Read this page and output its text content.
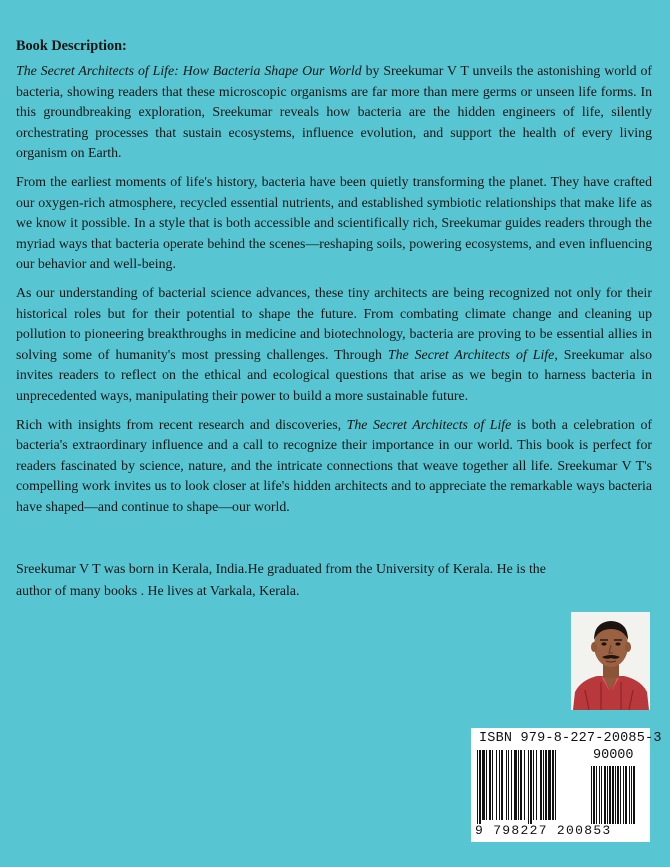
Book Description:

The Secret Architects of Life: How Bacteria Shape Our World by Sreekumar V T unveils the astonishing world of bacteria, showing readers that these microscopic organisms are far more than mere germs or unseen life forms. In this groundbreaking exploration, Sreekumar reveals how bacteria are the hidden engineers of life, silently orchestrating processes that sustain ecosystems, influence evolution, and support the health of every living organism on Earth.

From the earliest moments of life's history, bacteria have been quietly transforming the planet. They have crafted our oxygen-rich atmosphere, recycled essential nutrients, and established symbiotic relationships that make life as we know it possible. In a style that is both accessible and scientifically rich, Sreekumar guides readers through the myriad ways that bacteria operate behind the scenes—reshaping soils, powering ecosystems, and even influencing our behavior and well-being.

As our understanding of bacterial science advances, these tiny architects are being recognized not only for their historical roles but for their potential to shape the future. From combating climate change and cleaning up pollution to pioneering breakthroughs in medicine and biotechnology, bacteria are proving to be essential allies in solving some of humanity's most pressing challenges. Through The Secret Architects of Life, Sreekumar also invites readers to reflect on the ethical and ecological questions that arise as we begin to harness bacteria in unprecedented ways, manipulating their power to build a more sustainable future.

Rich with insights from recent research and discoveries, The Secret Architects of Life is both a celebration of bacteria's extraordinary influence and a call to recognize their importance in our world. This book is perfect for readers fascinated by science, nature, and the intricate connections that weave together all life. Sreekumar V T's compelling work invites us to look closer at life's hidden architects and to appreciate the remarkable ways bacteria have shaped—and continue to shape—our world.

Sreekumar V T was born in Kerala, India.He graduated from the University of Kerala. He is the author of many books . He lives at Varkala, Kerala.
ISBN 979-8-227-20085-3
90000
9 798227 200853
